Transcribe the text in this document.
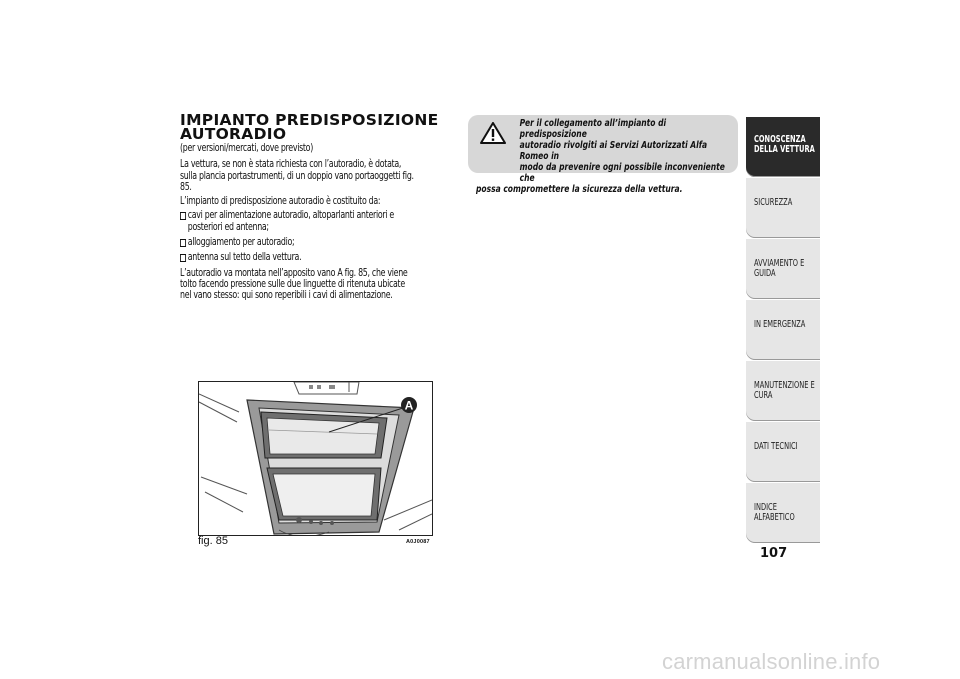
IMPIANTO PREDISPOSIZIONE
AUTORADIO

(per versioni/mercati, dove previsto)

La vettura, se non è stata richiesta con l’autoradio, è dotata, sulla plancia portastrumenti, di un doppio vano portaoggetti fig. 85.

L’impianto di predisposizione autoradio è costituito da:

cavi per alimentazione autoradio, altoparlanti anteriori e posteriori ed antenna;
alloggiamento per autoradio;
antenna sul tetto della vettura.

L’autoradio va montata nell’apposito vano A fig. 85, che viene tolto facendo pressione sulle due linguette di ritenuta ubicate nel vano stesso: qui sono reperibili i cavi di alimentazione.

A
fig. 85	A0J0087
Per il collegamento all’impianto di predisposizione
autoradio rivolgiti ai Servizi Autorizzati Alfa Romeo in
modo da prevenire ogni possibile inconveniente che
possa compromettere la sicurezza della vettura.
CONOSCENZA DELLA VETTURA
SICUREZZA
AVVIAMENTO E GUIDA
IN EMERGENZA
MANUTENZIONE E CURA
DATI TECNICI
INDICE ALFABETICO
107
carmanualsonline.info
